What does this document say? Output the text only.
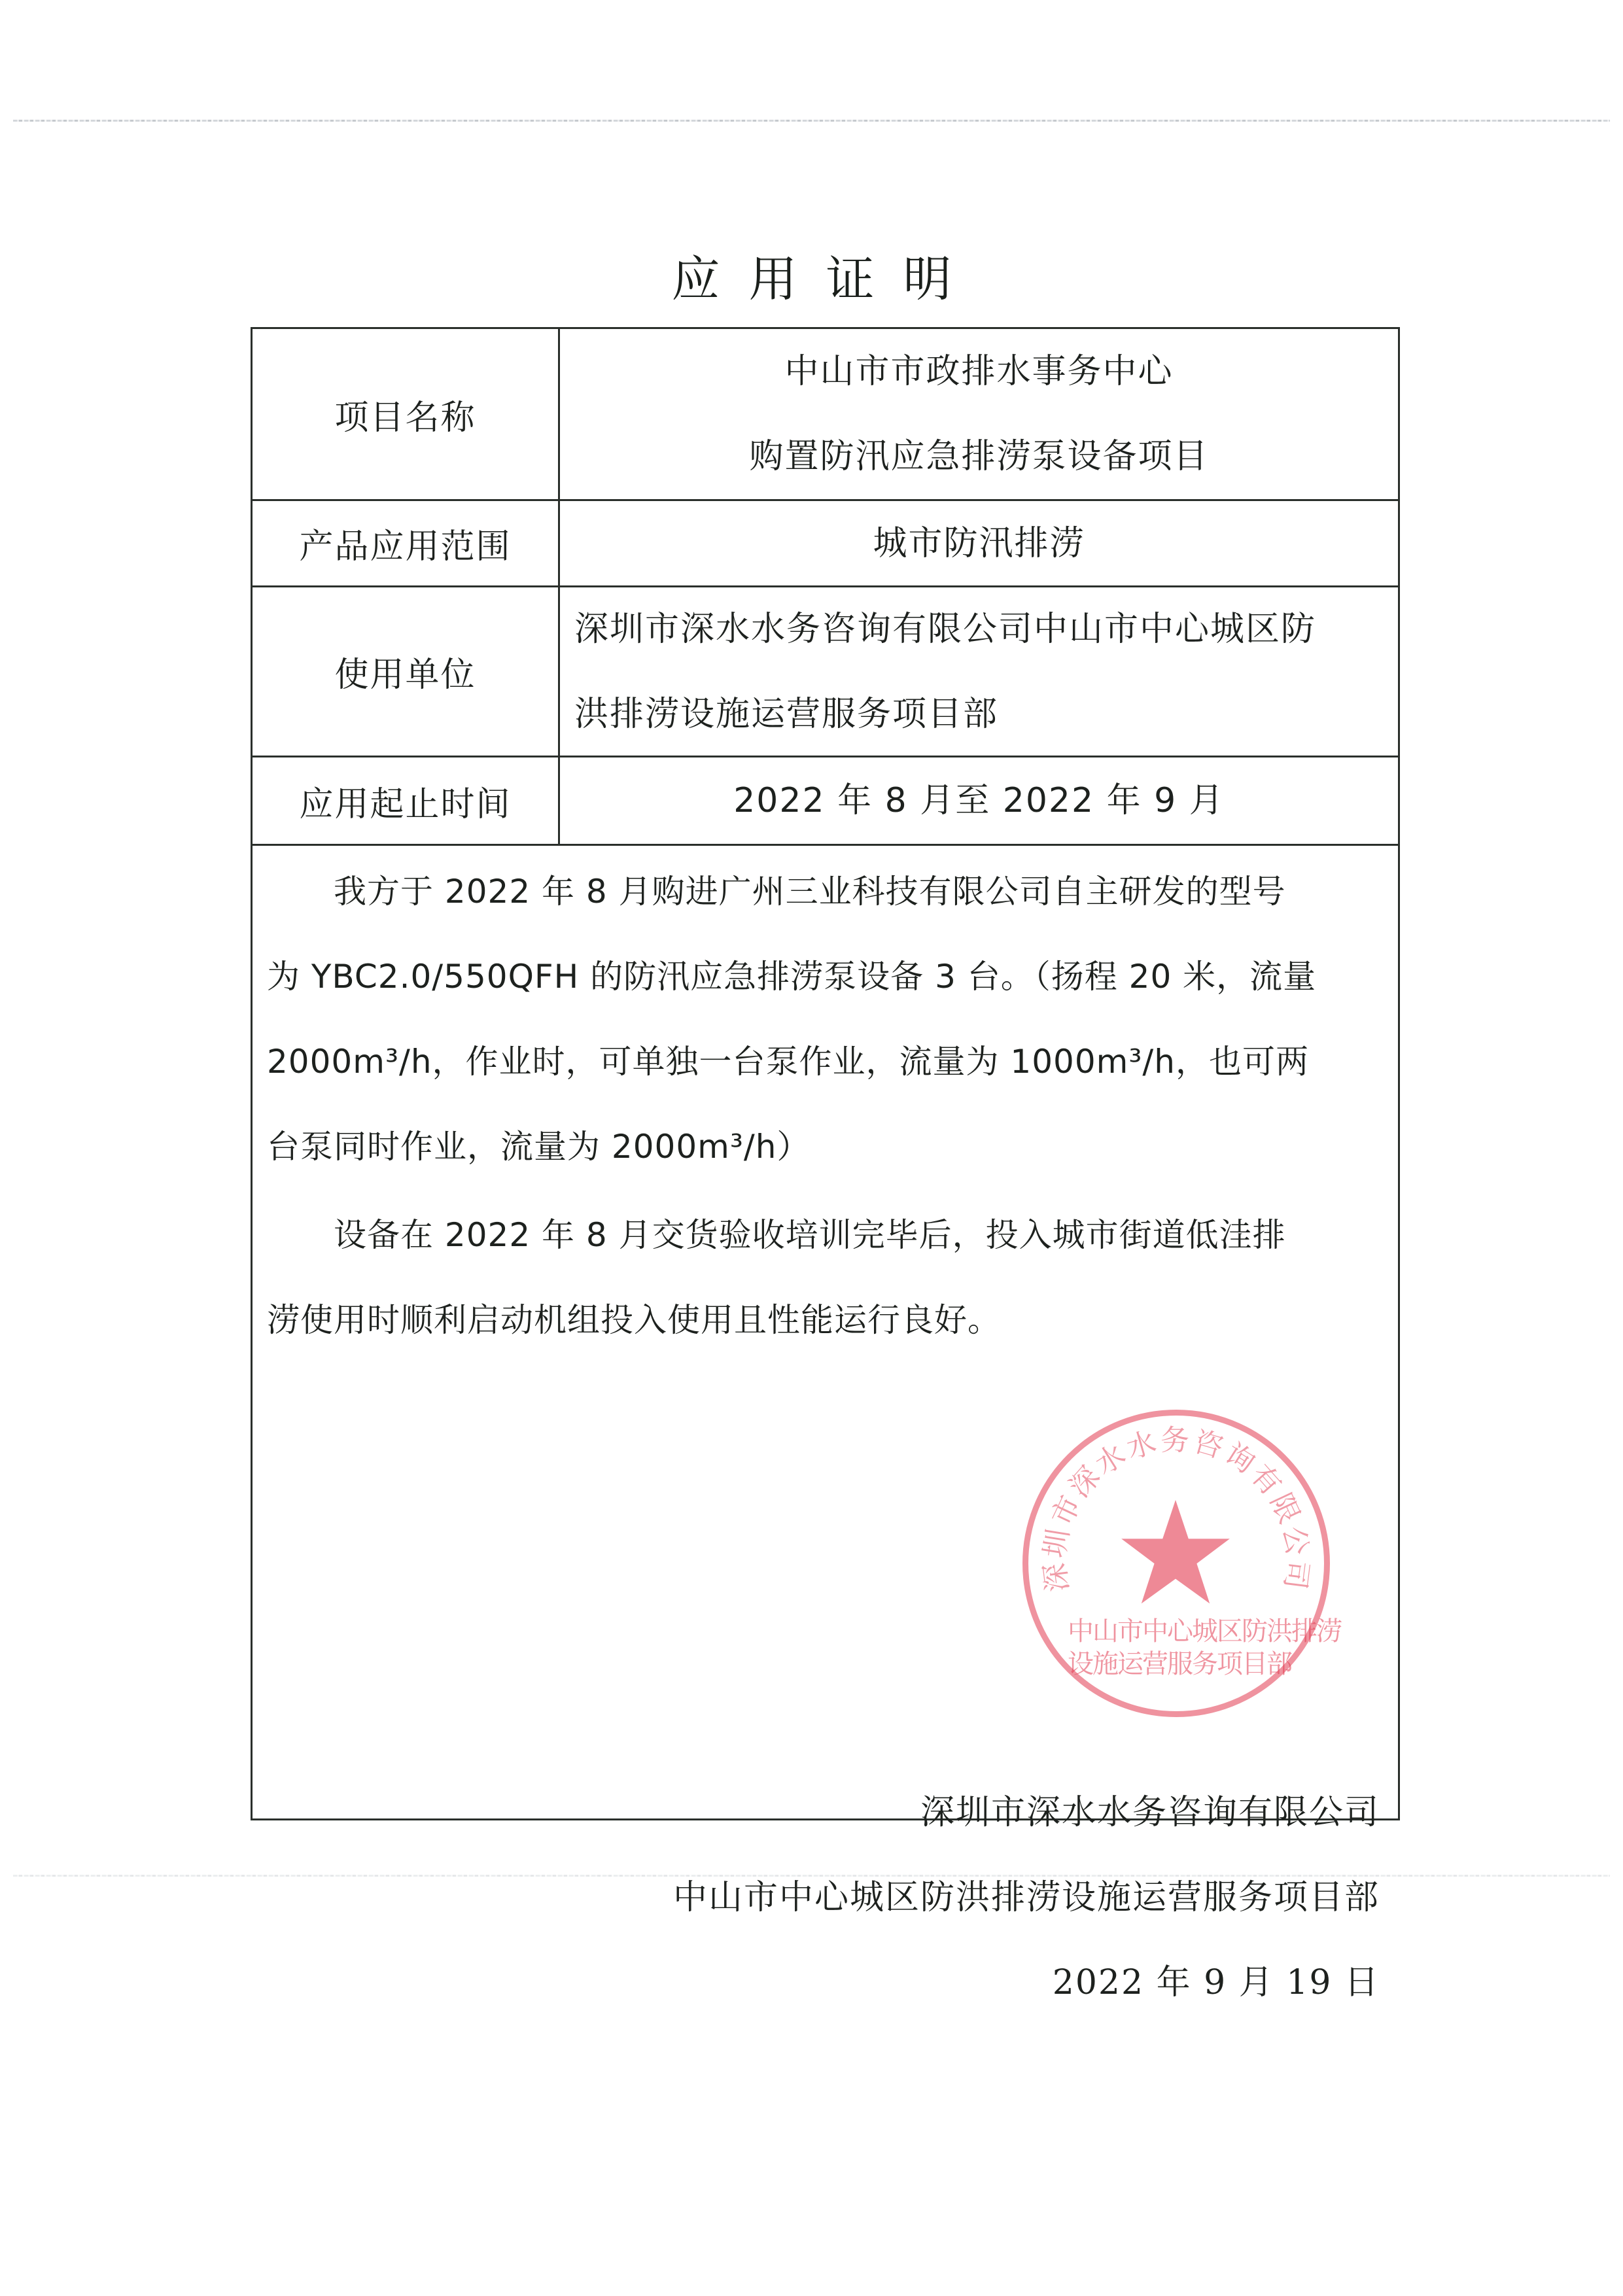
应用证明
项目名称
中山市市政排水事务中心
购置防汛应急排涝泵设备项目
产品应用范围	城市防汛排涝
使用单位
深圳市深水水务咨询有限公司中山市中心城区防
洪排涝设施运营服务项目部
应用起止时间	2022 年 8 月至 2022 年 9 月
　　我方于 2022 年 8 月购进广州三业科技有限公司自主研发的型号
为 YBC2.0/550QFH 的防汛应急排涝泵设备 3 台。（扬程 20 米，流量
2000m³/h，作业时，可单独一台泵作业，流量为 1000m³/h，也可两
台泵同时作业，流量为 2000m³/h）
　　设备在 2022 年 8 月交货验收培训完毕后，投入城市街道低洼排
涝使用时顺利启动机组投入使用且性能运行良好。
深圳市深水水务咨询有限公司
中山市中心城区防洪排涝设施运营服务项目部
2022 年 9 月 19 日
深圳市深水水务咨询有限公司
中山市中心城区防洪排涝
设施运营服务项目部
